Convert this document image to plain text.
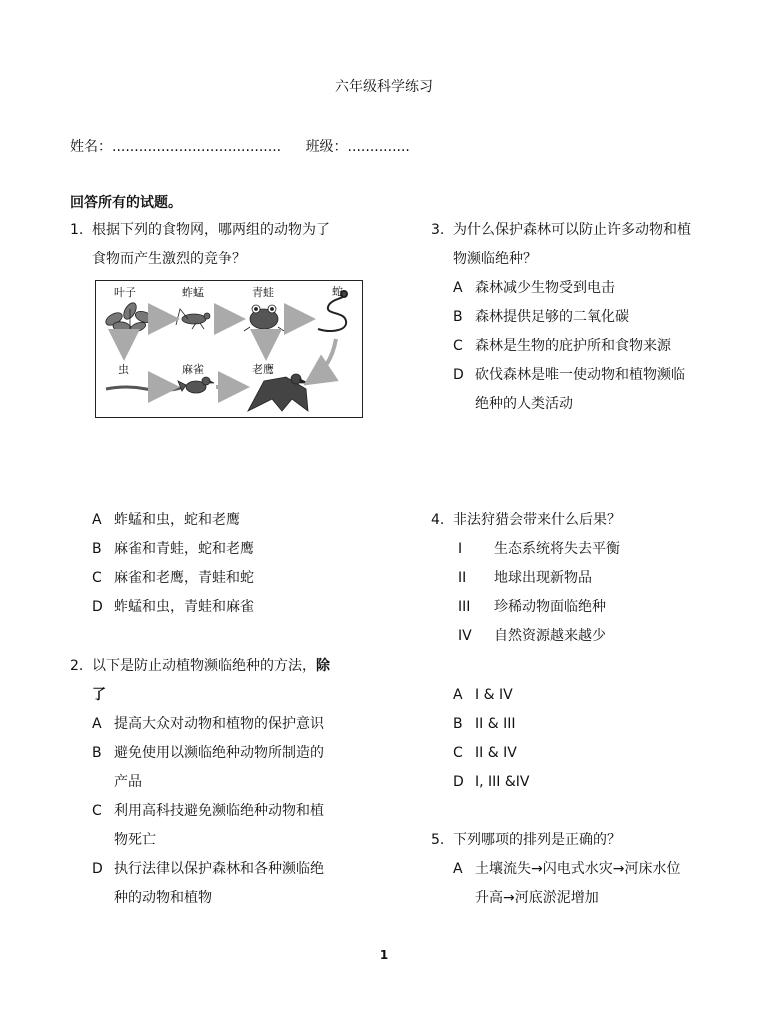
六年级科学练习
姓名：...................................... 班级：..............
回答所有的试题。
1. 根据下列的食物网，哪两组的动物为了
食物而产生激烈的竞争？
叶子	蚱蜢	青蛙	蛇
虫	麻雀	老鹰
A 蚱蜢和虫，蛇和老鹰
B 麻雀和青蛙，蛇和老鹰
C 麻雀和老鹰，青蛙和蛇
D 蚱蜢和虫，青蛙和麻雀
2. 以下是防止动植物濒临绝种的方法，除
了
A 提高大众对动物和植物的保护意识
B 避免使用以濒临绝种动物所制造的
产品
C 利用高科技避免濒临绝种动物和植
物死亡
D 执行法律以保护森林和各种濒临绝
种的动物和植物
3. 为什么保护森林可以防止许多动物和植
物濒临绝种？
A 森林减少生物受到电击
B 森林提供足够的二氧化碳
C 森林是生物的庇护所和食物来源
D 砍伐森林是唯一使动物和植物濒临
绝种的人类活动
4. 非法狩猎会带来什么后果？
I 生态系统将失去平衡
II 地球出现新物品
III 珍稀动物面临绝种
IV 自然资源越来越少
A I & IV
B II & III
C II & IV
D I, III &IV
5. 下列哪项的排列是正确的？
A 土壤流失→闪电式水灾→河床水位
升高→河底淤泥增加
1
